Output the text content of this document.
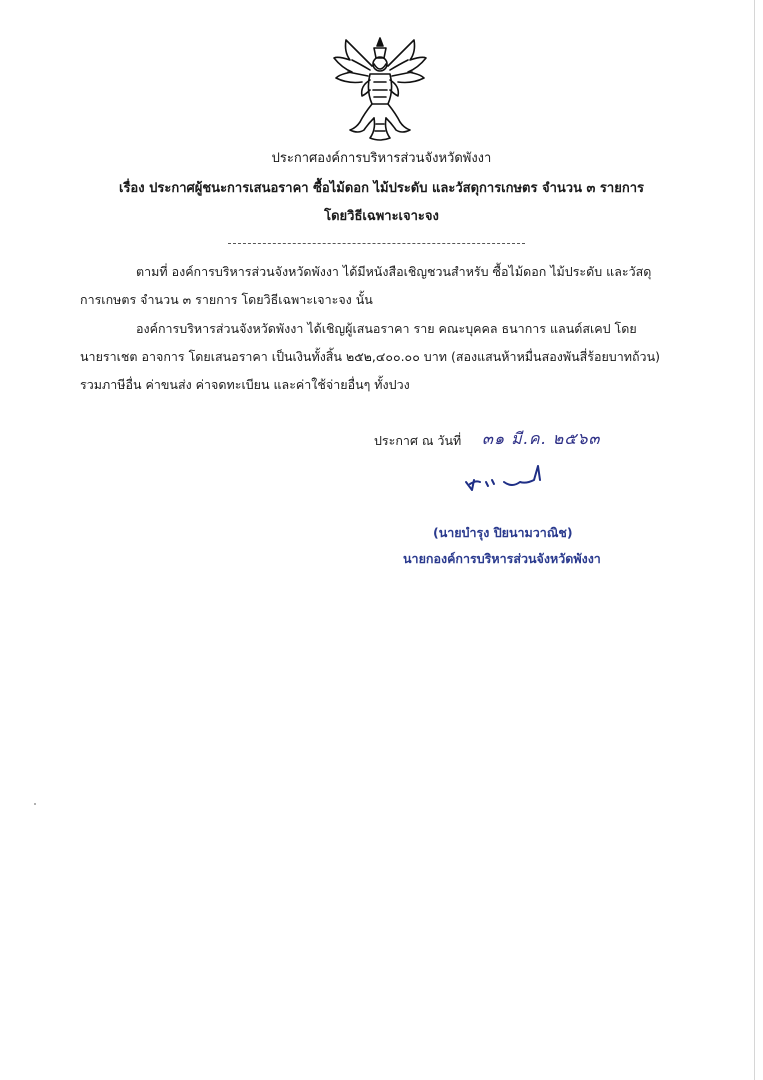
ประกาศองค์การบริหารส่วนจังหวัดพังงา
เรื่อง ประกาศผู้ชนะการเสนอราคา ซื้อไม้ดอก ไม้ประดับ และวัสดุการเกษตร จำนวน ๓ รายการ
โดยวิธีเฉพาะเจาะจง
ตามที่ องค์การบริหารส่วนจังหวัดพังงา ได้มีหนังสือเชิญชวนสำหรับ ซื้อไม้ดอก ไม้ประดับ และวัสดุ
การเกษตร จำนวน ๓ รายการ โดยวิธีเฉพาะเจาะจง นั้น
องค์การบริหารส่วนจังหวัดพังงา ได้เชิญผู้เสนอราคา ราย คณะบุคคล ธนาการ แลนด์สเคป โดย
นายราเชต อาจการ โดยเสนอราคา เป็นเงินทั้งสิ้น ๒๕๒,๔๐๐.๐๐ บาท (สองแสนห้าหมื่นสองพันสี่ร้อยบาทถ้วน)
รวมภาษีอื่น ค่าขนส่ง ค่าจดทะเบียน และค่าใช้จ่ายอื่นๆ ทั้งปวง
ประกาศ ณ วันที่ ๓๑ มี.ค. ๒๕๖๓
(นายบำรุง ปิยนามวาณิช)
นายกองค์การบริหารส่วนจังหวัดพังงา
